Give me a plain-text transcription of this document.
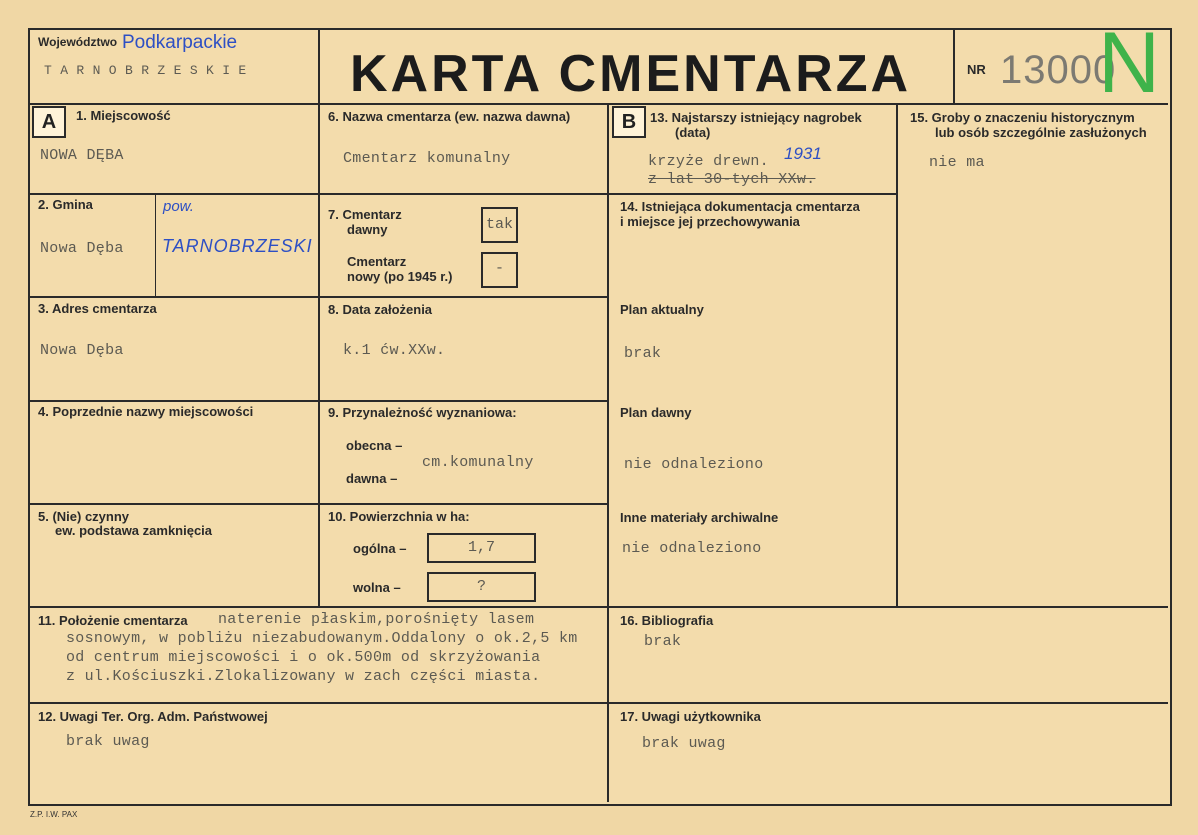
Województwo Podkarpackie
T A R N O B R Z E S K I E KARTA CMENTARZA	NR 13000
N
A	B
1. Miejscowość
NOWA DĘBA
2. Gmina
Nowa Dęba
pow.
TARNOBRZESKI
3. Adres cmentarza
Nowa Dęba
4. Poprzednie nazwy miejscowości
5. (Nie) czynny
ew. podstawa zamknięcia
6. Nazwa cmentarza (ew. nazwa dawna)
Cmentarz komunalny
7. Cmentarz
dawny	tak
Cmentarz
nowy (po 1945 r.)	-
8. Data założenia
k.1 ćw.XXw.
9. Przynależność wyznaniowa:
obecna –
dawna –
cm.komunalny
10. Powierzchnia w ha:
ogólna –	1,7
wolna –	?
11. Położenie cmentarza naterenie płaskim,porośnięty lasem
sosnowym, w pobliżu niezabudowanym.Oddalony o ok.2,5 km
od centrum miejscowości i o ok.500m od skrzyżowania
z ul.Kościuszki.Zlokalizowany w zach części miasta.
12. Uwagi Ter. Org. Adm. Państwowej
brak uwag
13. Najstarszy istniejący nagrobek
(data)
krzyże drewn. 1931
z lat 30-tych XXw.
14. Istniejąca dokumentacja cmentarza
i miejsce jej przechowywania
Plan aktualny
brak
Plan dawny
nie odnaleziono
Inne materiały archiwalne
nie odnaleziono
15. Groby o znaczeniu historycznym
lub osób szczególnie zasłużonych
nie ma
16. Bibliografia
brak
17. Uwagi użytkownika
brak uwag
Z.P. I.W. PAX
